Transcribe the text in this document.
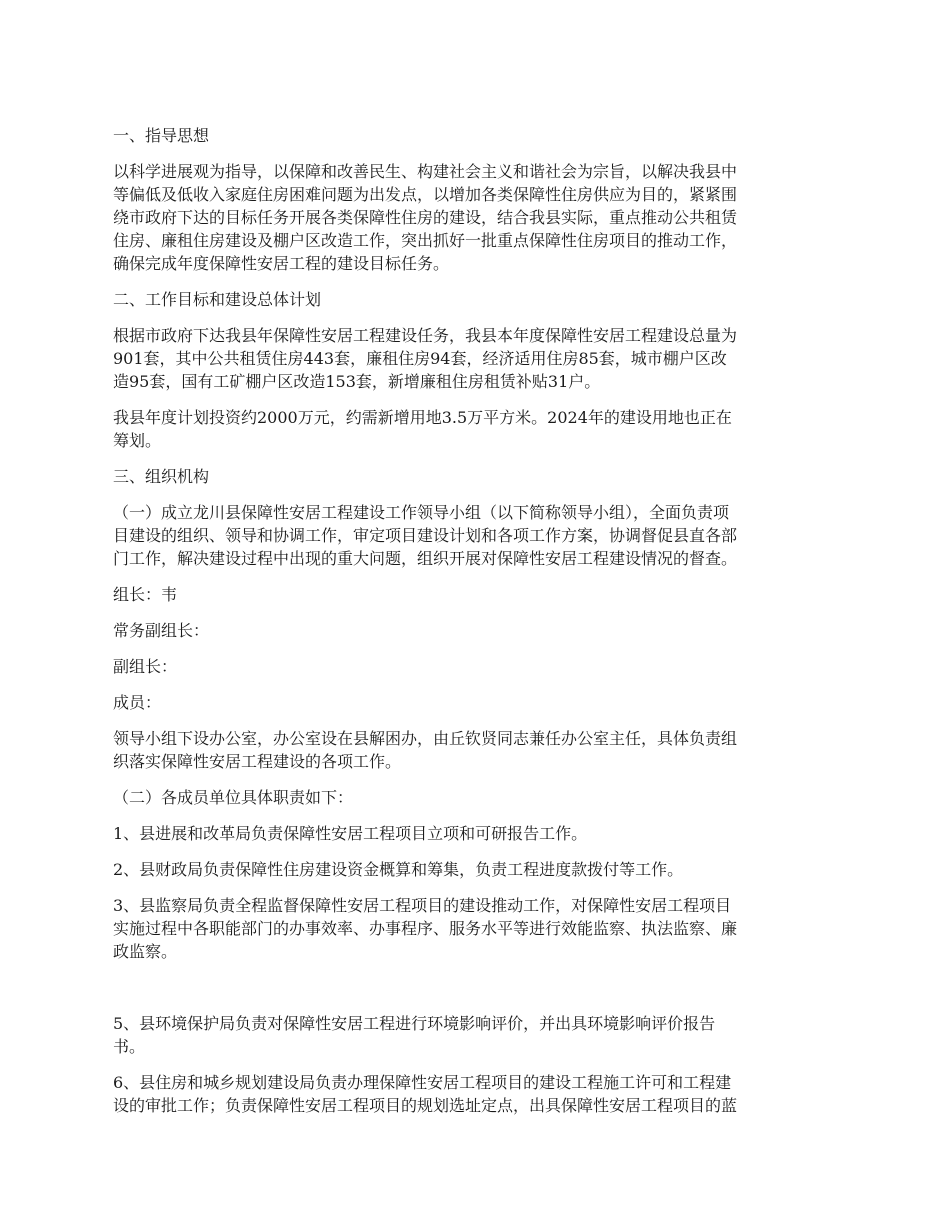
一、指导思想
以科学进展观为指导，以保障和改善民生、构建社会主义和谐社会为宗旨，以解决我县中
等偏低及低收入家庭住房困难问题为出发点，以增加各类保障性住房供应为目的，紧紧围
绕市政府下达的目标任务开展各类保障性住房的建设，结合我县实际，重点推动公共租赁
住房、廉租住房建设及棚户区改造工作，突出抓好一批重点保障性住房项目的推动工作，
确保完成年度保障性安居工程的建设目标任务。
二、工作目标和建设总体计划
根据市政府下达我县年保障性安居工程建设任务，我县本年度保障性安居工程建设总量为
901套，其中公共租赁住房443套，廉租住房94套，经济适用住房85套，城市棚户区改
造95套，国有工矿棚户区改造153套，新增廉租住房租赁补贴31户。
我县年度计划投资约2000万元，约需新增用地3.5万平方米。2024年的建设用地也正在
筹划。
三、组织机构
（一）成立龙川县保障性安居工程建设工作领导小组（以下简称领导小组），全面负责项
目建设的组织、领导和协调工作，审定项目建设计划和各项工作方案，协调督促县直各部
门工作，解决建设过程中出现的重大问题，组织开展对保障性安居工程建设情况的督查。
组长：韦
常务副组长：
副组长：
成员：
领导小组下设办公室，办公室设在县解困办，由丘钦贤同志兼任办公室主任，具体负责组
织落实保障性安居工程建设的各项工作。
（二）各成员单位具体职责如下：
1、县进展和改革局负责保障性安居工程项目立项和可研报告工作。
2、县财政局负责保障性住房建设资金概算和筹集，负责工程进度款拨付等工作。
3、县监察局负责全程监督保障性安居工程项目的建设推动工作，对保障性安居工程项目
实施过程中各职能部门的办事效率、办事程序、服务水平等进行效能监察、执法监察、廉
政监察。
5、县环境保护局负责对保障性安居工程进行环境影响评价，并出具环境影响评价报告
书。
6、县住房和城乡规划建设局负责办理保障性安居工程项目的建设工程施工许可和工程建
设的审批工作；负责保障性安居工程项目的规划选址定点，出具保障性安居工程项目的蓝
